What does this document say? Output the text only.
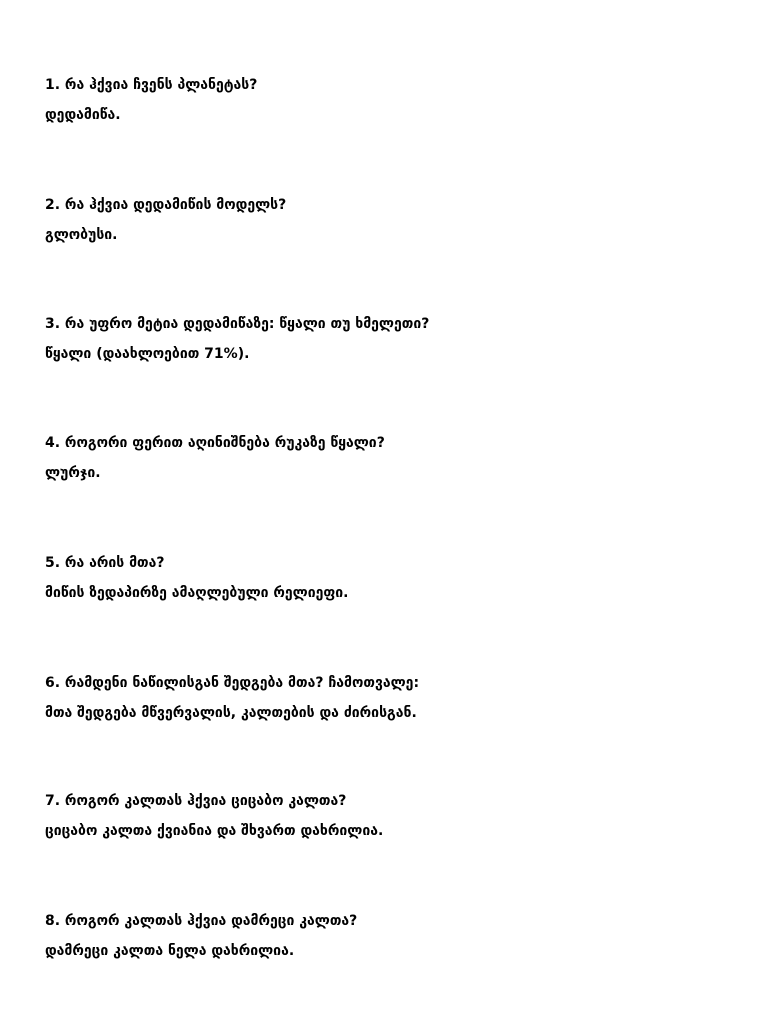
1. რა ჰქვია ჩვენს პლანეტას?
დედამიწა.
2. რა ჰქვია დედამიწის მოდელს?
გლობუსი.
3. რა უფრო მეტია დედამიწაზე: წყალი თუ ხმელეთი?
წყალი (დაახლოებით 71%).
4. როგორი ფერით აღინიშნება რუკაზე წყალი?
ლურჯი.
5. რა არის მთა?
მიწის ზედაპირზე ამაღლებული რელიეფი.
6. რამდენი ნაწილისგან შედგება მთა? ჩამოთვალე:
მთა შედგება მწვერვალის, კალთების და ძირისგან.
7. როგორ კალთას ჰქვია ციცაბო კალთა?
ციცაბო კალთა ქვიანია და შხვართ დახრილია.
8. როგორ კალთას ჰქვია დამრეცი კალთა?
დამრეცი კალთა ნელა დახრილია.
